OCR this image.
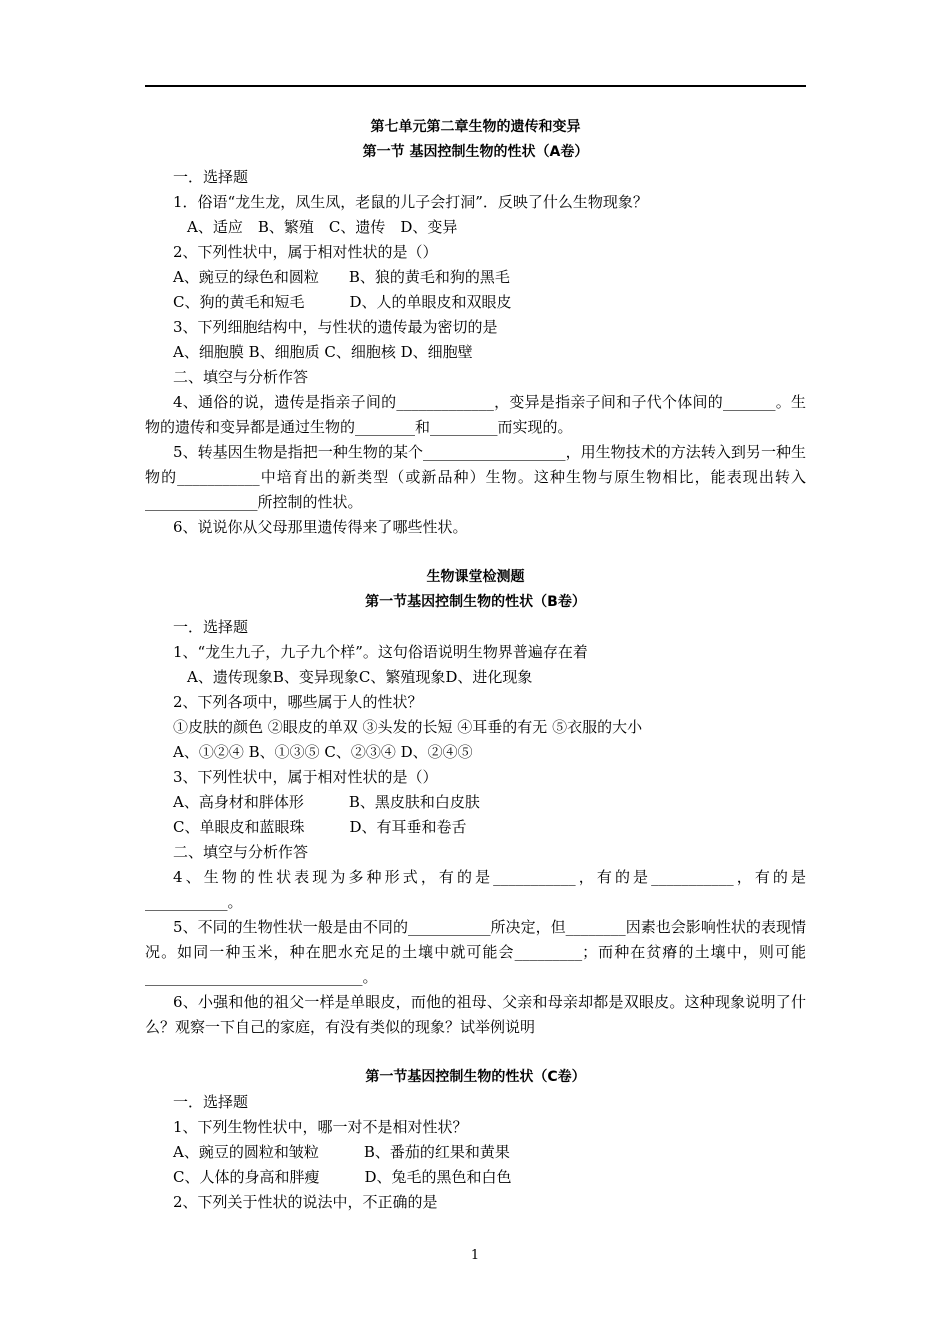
第七单元第二章生物的遗传和变异
第一节 基因控制生物的性状（A卷）
一．选择题
1．俗语“龙生龙，凤生凤，老鼠的儿子会打洞”．反映了什么生物现象？
A、适应　B、繁殖　C、遗传　D、变异
2、下列性状中，属于相对性状的是（）
A、豌豆的绿色和圆粒　　B、狼的黄毛和狗的黑毛
C、狗的黄毛和短毛　　　D、人的单眼皮和双眼皮
3、下列细胞结构中，与性状的遗传最为密切的是
A、细胞膜 B、细胞质 C、细胞核 D、细胞壁
二、填空与分析作答
4、通俗的说，遗传是指亲子间的_____________，变异是指亲子间和子代个体间的_______。生物的遗传和变异都是通过生物的________和_________而实现的。
5、转基因生物是指把一种生物的某个___________________，用生物技术的方法转入到另一种生物的___________中培育出的新类型（或新品种）生物。这种生物与原生物相比，能表现出转入_______________所控制的性状。
6、说说你从父母那里遗传得来了哪些性状。
生物课堂检测题
第一节基因控制生物的性状（B卷）
一．选择题
1、“龙生九子，九子九个样”。这句俗语说明生物界普遍存在着
A、遗传现象B、变异现象C、繁殖现象D、进化现象
2、下列各项中，哪些属于人的性状？
①皮肤的颜色 ②眼皮的单双 ③头发的长短 ④耳垂的有无 ⑤衣服的大小
A、①②④ B、①③⑤ C、②③④ D、②④⑤
3、下列性状中，属于相对性状的是（）
A、高身材和胖体形　　　B、黑皮肤和白皮肤
C、单眼皮和蓝眼珠　　　D、有耳垂和卷舌
二、填空与分析作答
4、生物的性状表现为多种形式，有的是___________，有的是___________，有的是___________。
5、不同的生物性状一般是由不同的___________所决定，但________因素也会影响性状的表现情况。如同一种玉米，种在肥水充足的土壤中就可能会_________；而种在贫瘠的土壤中，则可能_____________________________。
6、小强和他的祖父一样是单眼皮，而他的祖母、父亲和母亲却都是双眼皮。这种现象说明了什么？观察一下自己的家庭，有没有类似的现象？试举例说明
第一节基因控制生物的性状（C卷）
一．选择题
1、下列生物性状中，哪一对不是相对性状？
A、豌豆的圆粒和皱粒　　　B、番茄的红果和黄果
C、人体的身高和胖瘦　　　D、兔毛的黑色和白色
2、下列关于性状的说法中，不正确的是
1
